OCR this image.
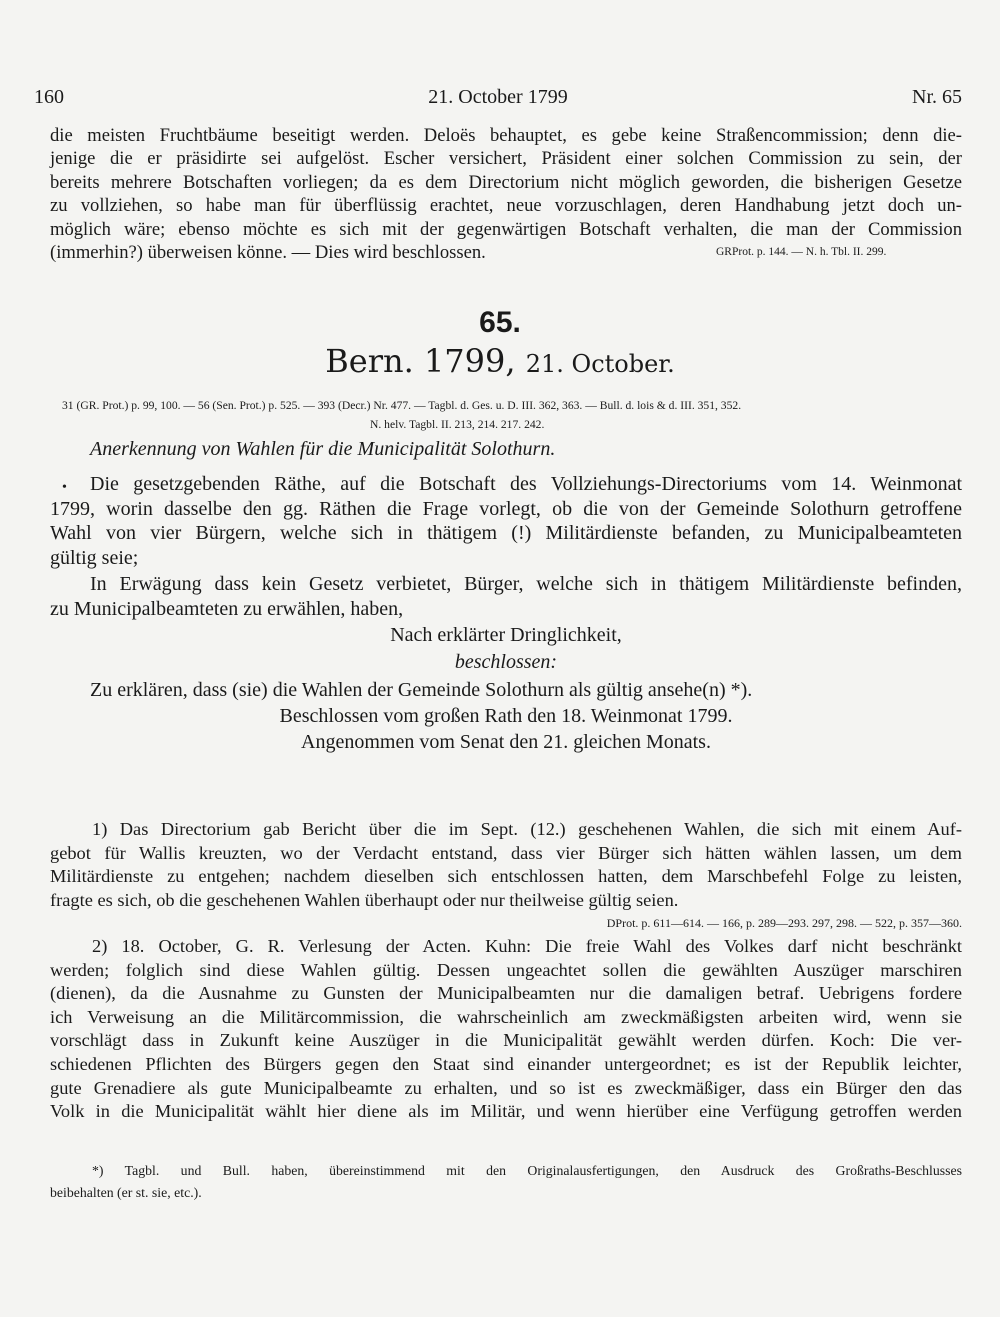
160	21. October 1799	Nr. 65
die meisten Fruchtbäume beseitigt werden. Deloës behauptet, es gebe keine Straßencommission; denn die-
jenige die er präsidirte sei aufgelöst. Escher versichert, Präsident einer solchen Commission zu sein, der
bereits mehrere Botschaften vorliegen; da es dem Directorium nicht möglich geworden, die bisherigen Gesetze
zu vollziehen, so habe man für überflüssig erachtet, neue vorzuschlagen, deren Handhabung jetzt doch un-
möglich wäre; ebenso möchte es sich mit der gegenwärtigen Botschaft verhalten, die man der Commission
(immerhin?) überweisen könne. — Dies wird beschlossen.	GRProt. p. 144. — N. h. Tbl. II. 299.
65.
Bern. 1799, 21. October.
31 (GR. Prot.) p. 99, 100. — 56 (Sen. Prot.) p. 525. — 393 (Decr.) Nr. 477. — Tagbl. d. Ges. u. D. III. 362, 363. — Bull. d. lois & d. III. 351, 352.
N. helv. Tagbl. II. 213, 214. 217. 242.
Anerkennung von Wahlen für die Municipalität Solothurn.
•	Die gesetzgebenden Räthe, auf die Botschaft des Vollziehungs-Directoriums vom 14. Weinmonat
1799, worin dasselbe den gg. Räthen die Frage vorlegt, ob die von der Gemeinde Solothurn getroffene
Wahl von vier Bürgern, welche sich in thätigem (!) Militärdienste befanden, zu Municipalbeamteten
gültig seie;
In Erwägung dass kein Gesetz verbietet, Bürger, welche sich in thätigem Militärdienste befinden,
zu Municipalbeamteten zu erwählen, haben,
Nach erklärter Dringlichkeit,
beschlossen:
Zu erklären, dass (sie) die Wahlen der Gemeinde Solothurn als gültig ansehe(n) *).
Beschlossen vom großen Rath den 18. Weinmonat 1799.
Angenommen vom Senat den 21. gleichen Monats.
1) Das Directorium gab Bericht über die im Sept. (12.) geschehenen Wahlen, die sich mit einem Auf-
gebot für Wallis kreuzten, wo der Verdacht entstand, dass vier Bürger sich hätten wählen lassen, um dem
Militärdienste zu entgehen; nachdem dieselben sich entschlossen hatten, dem Marschbefehl Folge zu leisten,
fragte es sich, ob die geschehenen Wahlen überhaupt oder nur theilweise gültig seien.
DProt. p. 611—614. — 166, p. 289—293. 297, 298. — 522, p. 357—360.
2) 18. October, G. R. Verlesung der Acten. Kuhn: Die freie Wahl des Volkes darf nicht beschränkt
werden; folglich sind diese Wahlen gültig. Dessen ungeachtet sollen die gewählten Auszüger marschiren
(dienen), da die Ausnahme zu Gunsten der Municipalbeamten nur die damaligen betraf. Uebrigens fordere
ich Verweisung an die Militärcommission, die wahrscheinlich am zweckmäßigsten arbeiten wird, wenn sie
vorschlägt dass in Zukunft keine Auszüger in die Municipalität gewählt werden dürfen. Koch: Die ver-
schiedenen Pflichten des Bürgers gegen den Staat sind einander untergeordnet; es ist der Republik leichter,
gute Grenadiere als gute Municipalbeamte zu erhalten, und so ist es zweckmäßiger, dass ein Bürger den das
Volk in die Municipalität wählt hier diene als im Militär, und wenn hierüber eine Verfügung getroffen werden
*) Tagbl. und Bull. haben, übereinstimmend mit den Originalausfertigungen, den Ausdruck des Großraths-Beschlusses
beibehalten (er st. sie, etc.).
